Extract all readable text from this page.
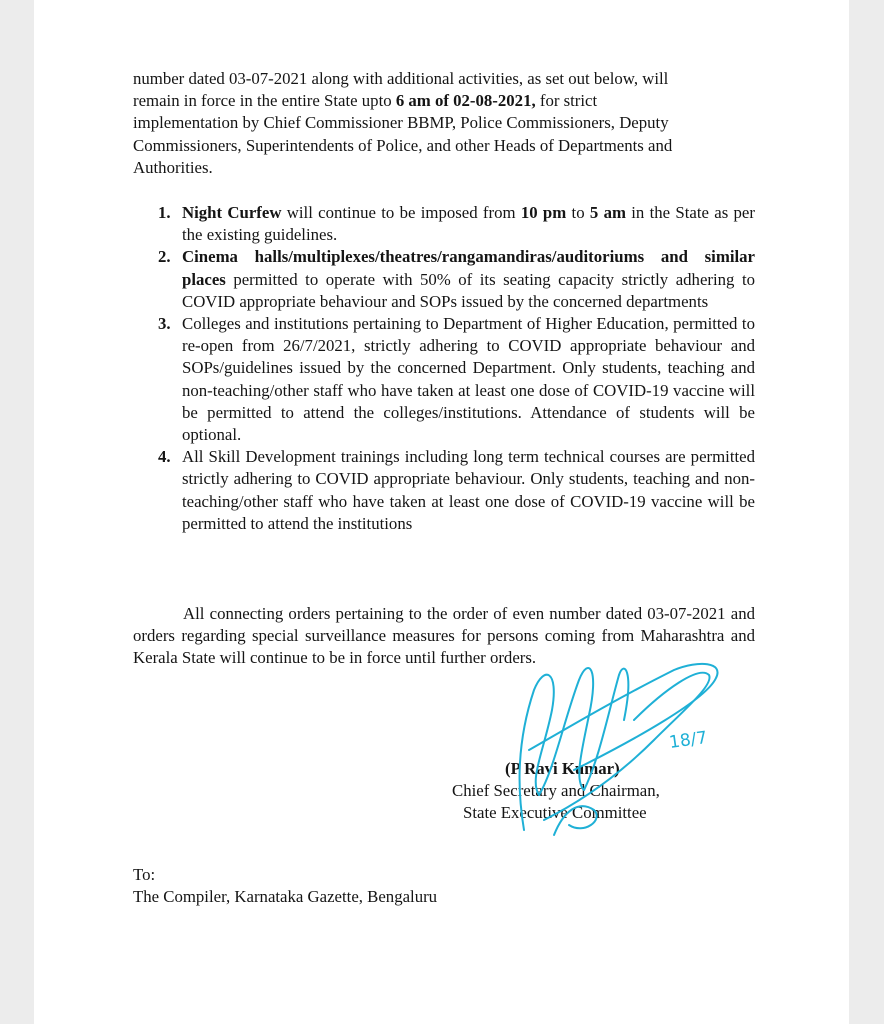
number dated 03-07-2021 along with additional activities, as set out below, will
remain in force in the entire State upto 6 am of 02-08-2021, for strict
implementation by Chief Commissioner BBMP, Police Commissioners, Deputy
Commissioners, Superintendents of Police, and other Heads of Departments and
Authorities.
1. Night Curfew will continue to be imposed from 10 pm to 5 am in the State as per the existing guidelines.
2. Cinema halls/multiplexes/theatres/rangamandiras/auditoriums and similar places permitted to operate with 50% of its seating capacity strictly adhering to COVID appropriate behaviour and SOPs issued by the concerned departments
3. Colleges and institutions pertaining to Department of Higher Education, permitted to re-open from 26/7/2021, strictly adhering to COVID appropriate behaviour and SOPs/guidelines issued by the concerned Department. Only students, teaching and non-teaching/other staff who have taken at least one dose of COVID-19 vaccine will be permitted to attend the colleges/institutions. Attendance of students will be optional.
4. All Skill Development trainings including long term technical courses are permitted strictly adhering to COVID appropriate behaviour. Only students, teaching and non-teaching/other staff who have taken at least one dose of COVID-19 vaccine will be permitted to attend the institutions
All connecting orders pertaining to the order of even number dated 03-07-2021 and orders regarding special surveillance measures for persons coming from Maharashtra and Kerala State will continue to be in force until further orders.
(P Ravi Kumar)
Chief Secretary and Chairman,
State Executive Committee
18/7
To:
The Compiler, Karnataka Gazette, Bengaluru
